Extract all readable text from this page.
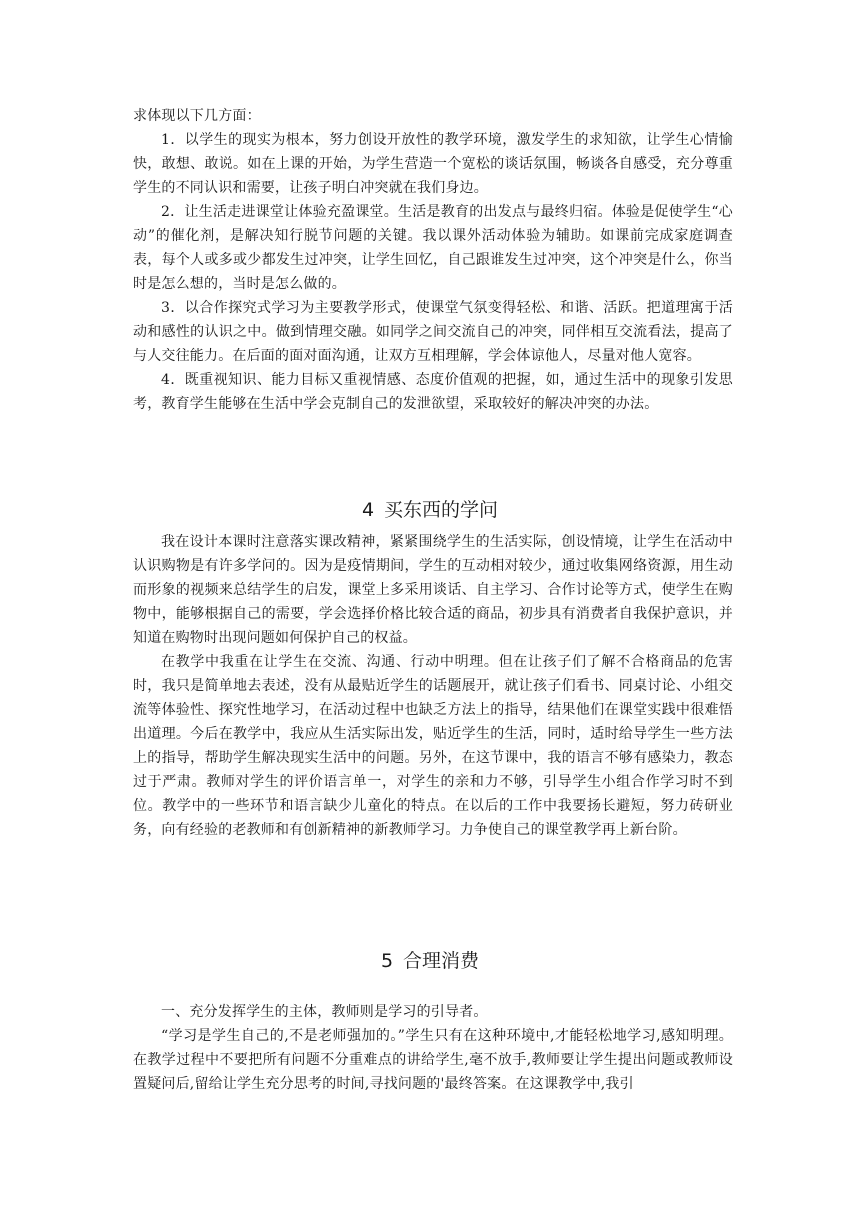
求体现以下几方面：

1．以学生的现实为根本，努力创设开放性的教学环境，激发学生的求知欲，让学生心情愉快，敢想、敢说。如在上课的开始，为学生营造一个宽松的谈话氛围，畅谈各自感受，充分尊重学生的不同认识和需要，让孩子明白冲突就在我们身边。

2．让生活走进课堂让体验充盈课堂。生活是教育的出发点与最终归宿。体验是促使学生“心动”的催化剂，是解决知行脱节问题的关键。我以课外活动体验为辅助。如课前完成家庭调查表，每个人或多或少都发生过冲突，让学生回忆，自己跟谁发生过冲突，这个冲突是什么，你当时是怎么想的，当时是怎么做的。

3．以合作探究式学习为主要教学形式，使课堂气氛变得轻松、和谐、活跃。把道理寓于活动和感性的认识之中。做到情理交融。如同学之间交流自己的冲突，同伴相互交流看法，提高了与人交往能力。在后面的面对面沟通，让双方互相理解，学会体谅他人，尽量对他人宽容。

4．既重视知识、能力目标又重视情感、态度价值观的把握，如，通过生活中的现象引发思考，教育学生能够在生活中学会克制自己的发泄欲望，采取较好的解决冲突的办法。

4 买东西的学问

我在设计本课时注意落实课改精神，紧紧围绕学生的生活实际，创设情境，让学生在活动中认识购物是有许多学问的。因为是疫情期间，学生的互动相对较少，通过收集网络资源，用生动而形象的视频来总结学生的启发，课堂上多采用谈话、自主学习、合作讨论等方式，使学生在购物中，能够根据自己的需要，学会选择价格比较合适的商品，初步具有消费者自我保护意识，并知道在购物时出现问题如何保护自己的权益。

在教学中我重在让学生在交流、沟通、行动中明理。但在让孩子们了解不合格商品的危害时，我只是简单地去表述，没有从最贴近学生的话题展开，就让孩子们看书、同桌讨论、小组交流等体验性、探究性地学习，在活动过程中也缺乏方法上的指导，结果他们在课堂实践中很难悟出道理。今后在教学中，我应从生活实际出发，贴近学生的生活，同时，适时给导学生一些方法上的指导，帮助学生解决现实生活中的问题。另外，在这节课中，我的语言不够有感染力，教态过于严肃。教师对学生的评价语言单一，对学生的亲和力不够，引导学生小组合作学习时不到位。教学中的一些环节和语言缺少儿童化的特点。在以后的工作中我要扬长避短，努力砖研业务，向有经验的老教师和有创新精神的新教师学习。力争使自己的课堂教学再上新台阶。

5 合理消费

一、充分发挥学生的主体，教师则是学习的引导者。

“学习是学生自己的,不是老师强加的。”学生只有在这种环境中,才能轻松地学习,感知明理。在教学过程中不要把所有问题不分重难点的讲给学生,毫不放手,教师要让学生提出问题或教师设置疑问后,留给让学生充分思考的时间,寻找问题的'最终答案。在这课教学中,我引
